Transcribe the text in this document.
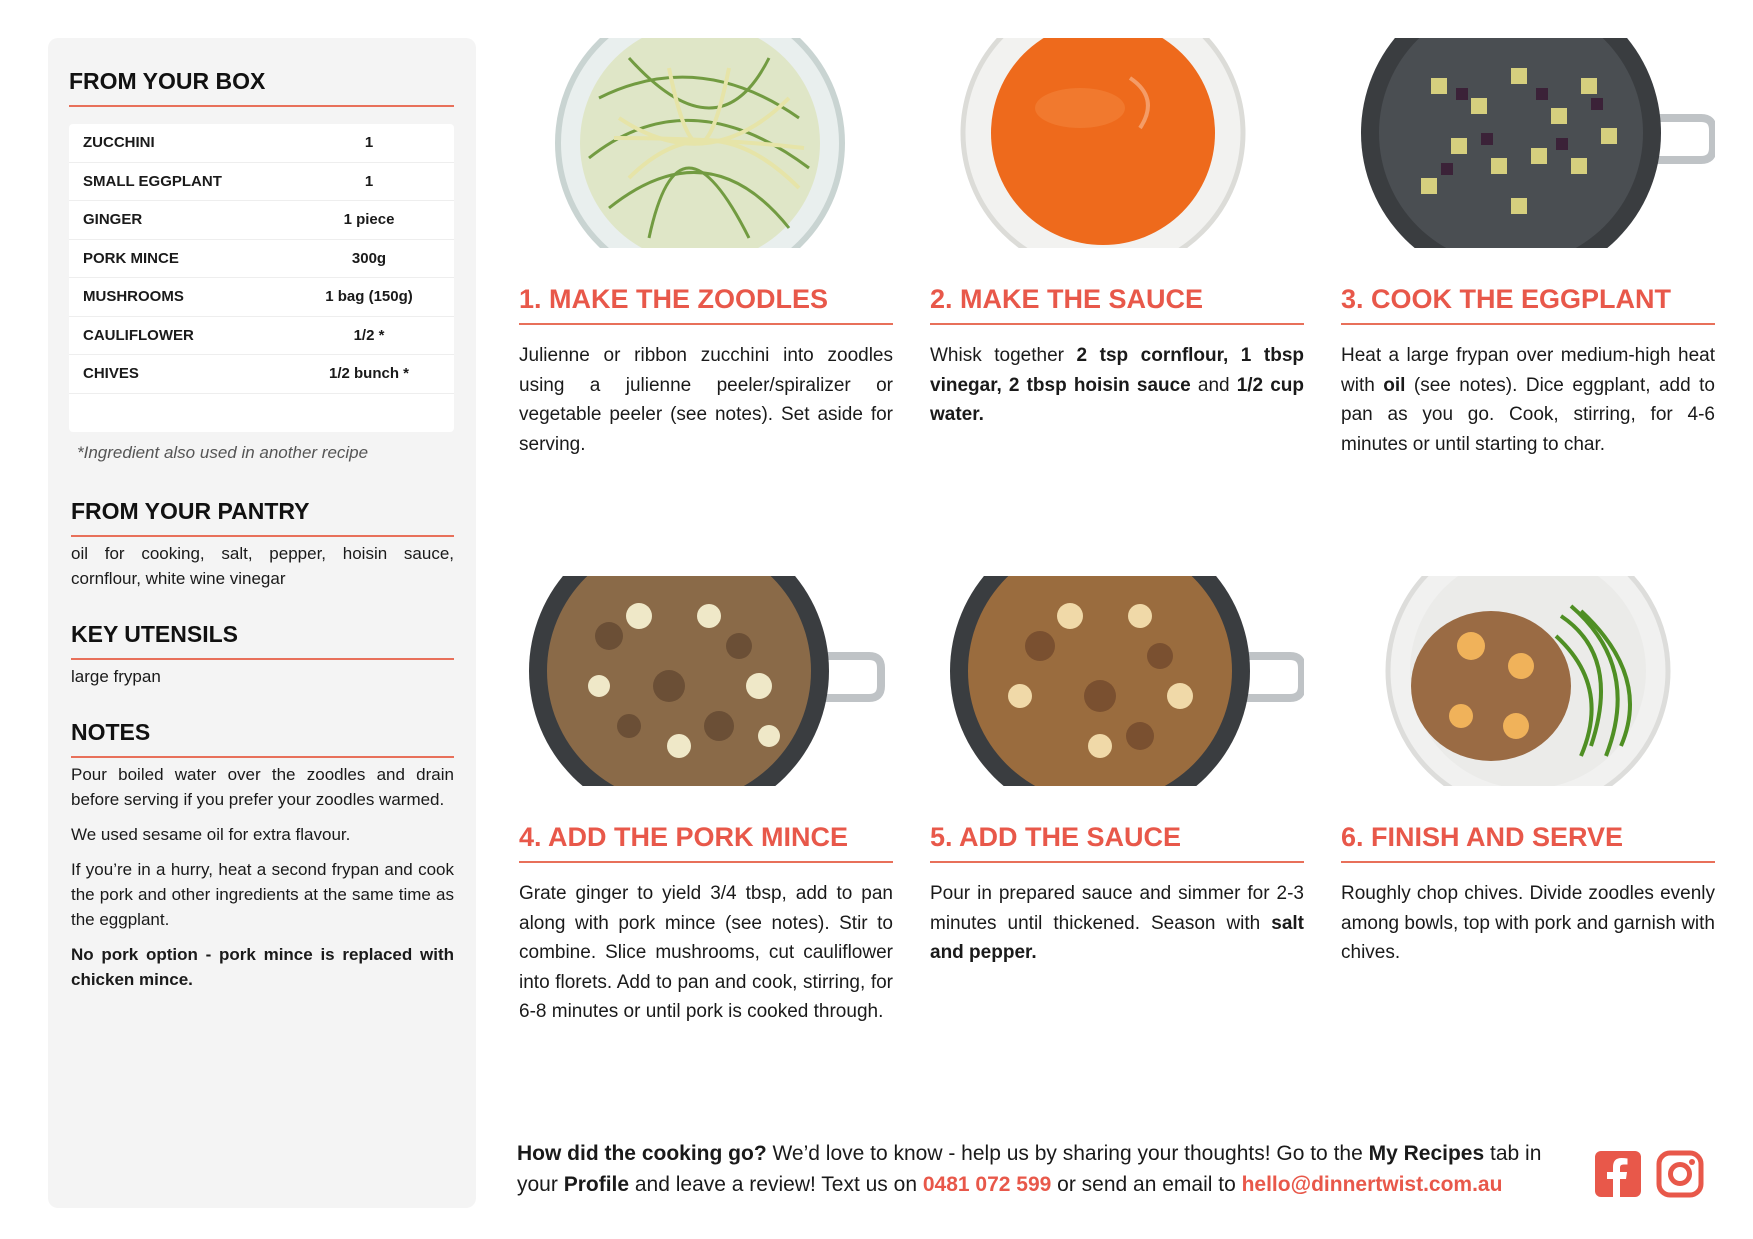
FROM YOUR BOX
ZUCCHINI	1
SMALL EGGPLANT	1
GINGER	1 piece
PORK MINCE	300g
MUSHROOMS	1 bag (150g)
CAULIFLOWER	1/2 *
CHIVES	1/2 bunch *
*Ingredient also used in another recipe
FROM YOUR PANTRY
oil for cooking, salt, pepper, hoisin sauce, cornflour, white wine vinegar
KEY UTENSILS
large frypan
NOTES

Pour boiled water over the zoodles and drain before serving if you prefer your zoodles warmed.

We used sesame oil for extra flavour.

If you’re in a hurry, heat a second frypan and cook the pork and other ingredients at the same time as the eggplant.

No pork option - pork mince is replaced with chicken mince.

1. MAKE THE ZOODLES
Julienne or ribbon zucchini into zoodles using a julienne peeler/spiralizer or vegetable peeler (see notes). Set aside for serving.
2. MAKE THE SAUCE
Whisk together 2 tsp cornflour, 1 tbsp vinegar, 2 tbsp hoisin sauce and 1/2 cup water.
3. COOK THE EGGPLANT
Heat a large frypan over medium-high heat with oil (see notes). Dice eggplant, add to pan as you go. Cook, stirring, for 4-6 minutes or until starting to char.
4. ADD THE PORK MINCE
Grate ginger to yield 3/4 tbsp, add to pan along with pork mince (see notes). Stir to combine. Slice mushrooms, cut cauliflower into florets. Add to pan and cook, stirring, for 6-8 minutes or until pork is cooked through.
5. ADD THE SAUCE
Pour in prepared sauce and simmer for 2-3 minutes until thickened. Season with salt and pepper.
6. FINISH AND SERVE
Roughly chop chives. Divide zoodles evenly among bowls, top with pork and garnish with chives.
How did the cooking go? We’d love to know - help us by sharing your thoughts! Go to the My Recipes tab in your Profile and leave a review! Text us on 0481 072 599 or send an email to hello@dinnertwist.com.au
